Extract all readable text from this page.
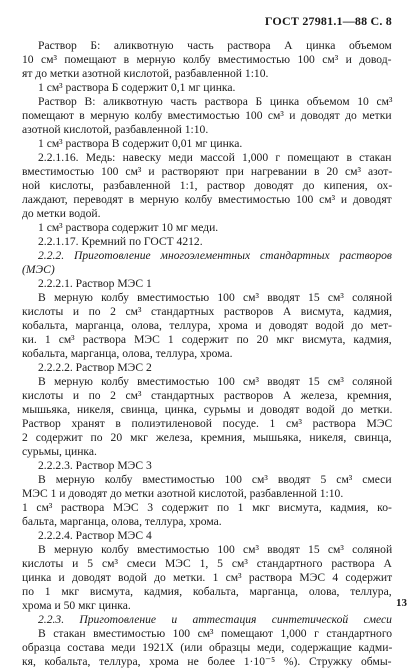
ГОСТ 27981.1—88 С. 8
Раствор Б: аликвотную часть раствора А цинка объемом
10 см³ помещают в мерную колбу вместимостью 100 см³ и довод-
ят до метки азотной кислотой, разбавленной 1:10.
1 см³ раствора Б содержит 0,1 мг цинка.
Раствор В: аликвотную часть раствора Б цинка объемом 10 см³
помещают в мерную колбу вместимостью 100 см³ и доводят до метки
азотной кислотой, разбавленной 1:10.
1 см³ раствора В содержит 0,01 мг цинка.
2.2.1.16. Медь: навеску меди массой 1,000 г помещают в стакан
вместимостью 100 см³ и растворяют при нагревании в 20 см³ азот-
ной кислоты, разбавленной 1:1, раствор доводят до кипения, ох-
лаждают, переводят в мерную колбу вместимостью 100 см³ и доводят
до метки водой.
1 см³ раствора содержит 10 мг меди.
2.2.1.17. Кремний по ГОСТ 4212.
2.2.2. Приготовление многоэлементных стандартных растворов
(МЭС)
2.2.2.1. Раствор МЭС 1
В мерную колбу вместимостью 100 см³ вводят 15 см³ соляной
кислоты и по 2 см³ стандартных растворов А висмута, кадмия,
кобальта, марганца, олова, теллура, хрома и доводят водой до мет-
ки. 1 см³ раствора МЭС 1 содержит по 20 мкг висмута, кадмия,
кобальта, марганца, олова, теллура, хрома.
2.2.2.2. Раствор МЭС 2
В мерную колбу вместимостью 100 см³ вводят 15 см³ соляной
кислоты и по 2 см³ стандартных растворов А железа, кремния,
мышьяка, никеля, свинца, цинка, сурьмы и доводят водой до метки.
Раствор хранят в полиэтиленовой посуде. 1 см³ раствора МЭС
2 содержит по 20 мкг железа, кремния, мышьяка, никеля, свинца,
сурьмы, цинка.
2.2.2.3. Раствор МЭС 3
В мерную колбу вместимостью 100 см³ вводят 5 см³ смеси
МЭС 1 и доводят до метки азотной кислотой, разбавленной 1:10.
1 см³ раствора МЭС 3 содержит по 1 мкг висмута, кадмия, ко-
бальта, марганца, олова, теллура, хрома.
2.2.2.4. Раствор МЭС 4
В мерную колбу вместимостью 100 см³ вводят 15 см³ соляной
кислоты и 5 см³ смеси МЭС 1, 5 см³ стандартного раствора А
цинка и доводят водой до метки. 1 см³ раствора МЭС 4 содержит
по 1 мкг висмута, кадмия, кобальта, марганца, олова, теллура,
хрома и 50 мкг цинка.
2.2.3. Приготовление и аттестация синтетической смеси
В стакан вместимостью 100 см³ помещают 1,000 г стандартного
образца состава меди 1921Х (или образцы меди, содержащие кадми-
кя, кобальта, теллура, хрома не более 1·10⁻⁵ %). Стружку обмы-
13
